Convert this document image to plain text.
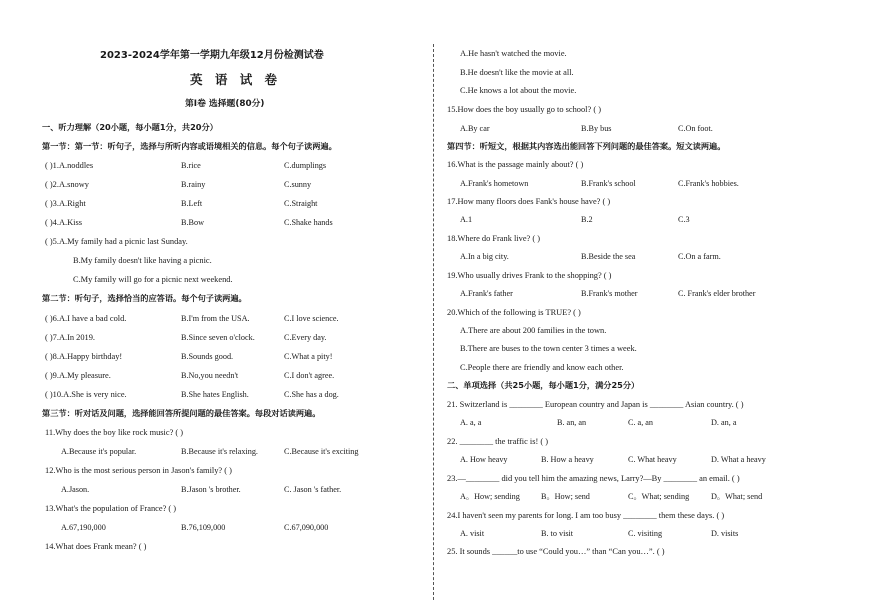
2023-2024学年第一学期九年级12月份检测试卷
英 语 试 卷
第Ⅰ卷 选择题(80分)
一、听力理解（20小题，每小题1分，共20分）
第一节：第一节：听句子，选择与所听内容或语境相关的信息。每个句子读两遍。
( )1.A.noddles	B.rice	C.dumplings
( )2.A.snowy	B.rainy	C.sunny
( )3.A.Right	B.Left	C.Straight
( )4.A.Kiss	B.Bow	C.Shake hands
( )5.A.My family had a picnic last Sunday.
B.My family doesn't like having a picnic.
C.My family will go for a picnic next weekend.
第二节：听句子，选择恰当的应答语。每个句子读两遍。
( )6.A.I have a bad cold.	B.I'm from the USA.	C.I love science.
( )7.A.In 2019.	B.Since seven o'clock.	C.Every day.
( )8.A.Happy birthday!	B.Sounds good.	C.What a pity!
( )9.A.My pleasure.	B.No,you needn't	C.I don't agree.
( )10.A.She is very nice.	B.She hates English.	C.She has a dog.
第三节：听对话及问题，选择能回答所提问题的最佳答案。每段对话读两遍。
11.Why does the boy like rock music? ( )
A.Because it's popular.	B.Because it's relaxing.	C.Because it's exciting
12.Who is the most serious person in Jason's family? ( )
A.Jason.	B.Jason 's brother.	C. Jason 's father.
13.What's the population of France? ( )
A.67,190,000	B.76,109,000	C.67,090,000
14.What does Frank mean? ( )
A.He hasn't watched the movie.
B.He doesn't like the movie at all.
C.He knows a lot about the movie.
15.How does the boy usually go to school? ( )
A.By car	B.By bus	C.On foot.
第四节：听短文，根据其内容选出能回答下列问题的最佳答案。短文读两遍。
16.What is the passage mainly about? ( )
A.Frank's hometown	B.Frank's school	C.Frank's hobbies.
17.How many floors does Fank's house have? ( )
A.1	B.2	C.3
18.Where do Frank live? ( )
A.In a big city.	B.Beside the sea	C.On a farm.
19.Who usually drives Frank to the shopping? ( )
A.Frank's father	B.Frank's mother	C. Frank's elder brother
20.Which of the following is TRUE? ( )
A.There are about 200 families in the town.
B.There are buses to the town center 3 times a week.
C.People there are friendly and know each other.
二、单项选择（共25小题，每小题1分，满分25分）
21. Switzerland is ________ European country and Japan is ________ Asian country. ( )
A. a, a	B. an, an	C. a, an	D. an, a
22. ________ the traffic is! ( )
A. How heavy	B. How a heavy	C. What heavy	D. What a heavy
23.—________ did you tell him the amazing news, Larry?—By ________ an email. ( )
A。How; sending	B。How; send	C。What; sending	D。What; send
24.I haven't seen my parents for long. I am too busy ________ them these days. ( )
A. visit	B. to visit	C. visiting	D. visits
25. It sounds ______to use “Could you…” than “Can you…”. ( )
